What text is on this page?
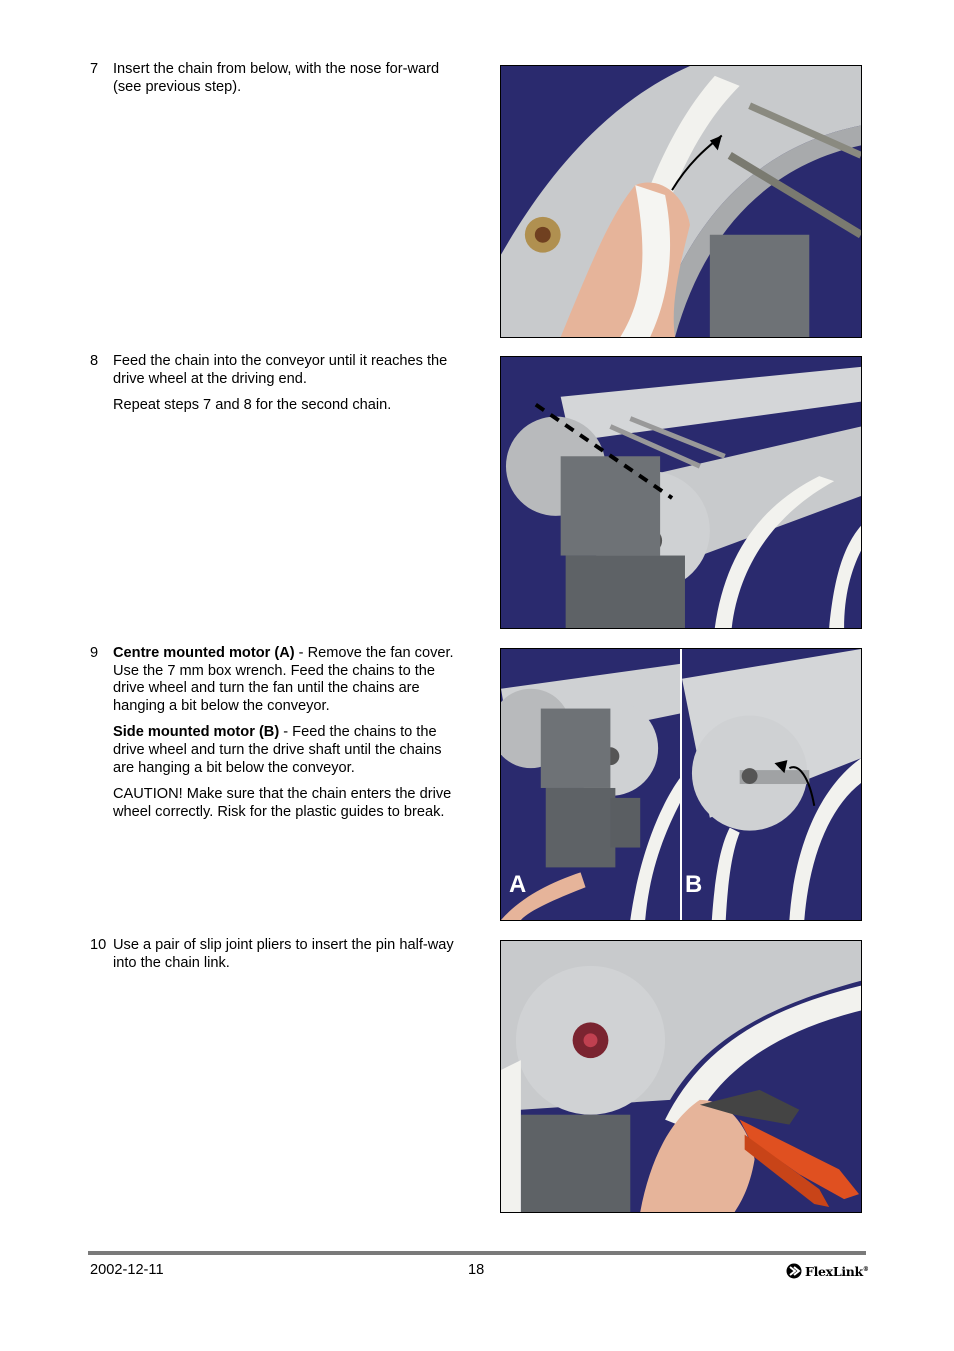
7 Insert the chain from below, with the nose for-ward (see previous step).

8 Feed the chain into the conveyor until it reaches the drive wheel at the driving end.

Repeat steps 7 and 8 for the second chain.

9 Centre mounted motor (A) - Remove the fan cover. Use the 7 mm box wrench. Feed the chains to the drive wheel and turn the fan until the chains are hanging a bit below the conveyor.

Side mounted motor (B) - Feed the chains to the drive wheel and turn the drive shaft until the chains are hanging a bit below the conveyor.

CAUTION! Make sure that the chain enters the drive wheel correctly. Risk for the plastic guides to break.

A	B
10 Use a pair of slip joint pliers to insert the pin half-way into the chain link.

2002-12-11	18	FlexLink®
